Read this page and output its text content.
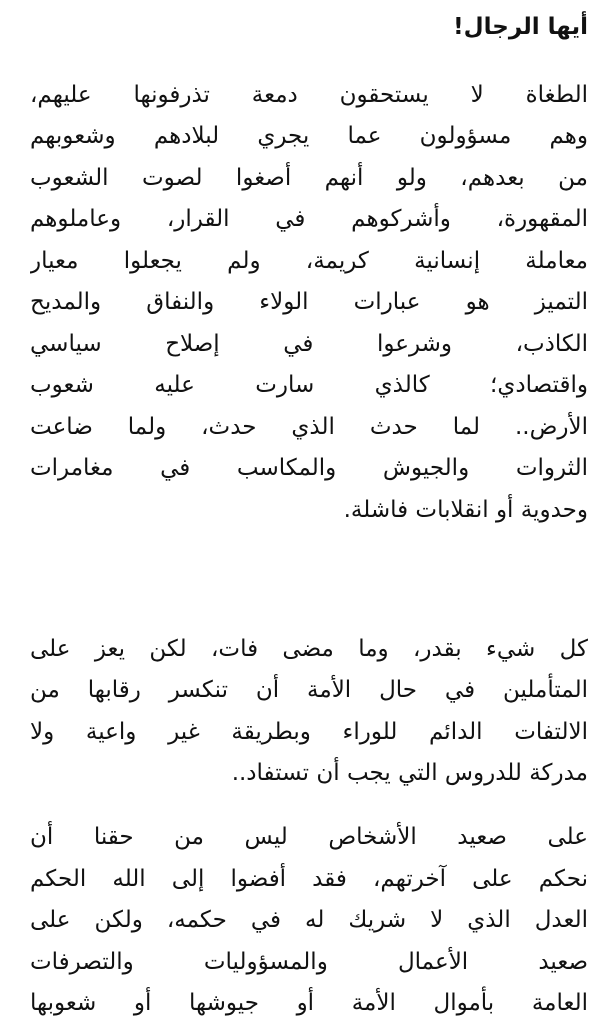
أيها الرجال!
الطغاة لا يستحقون دمعة تذرفونها عليهم،
وهم مسؤولون عما يجري لبلادهم وشعوبهم
من بعدهم، ولو أنهم أصغوا لصوت الشعوب
المقهورة، وأشركوهم في القرار، وعاملوهم
معاملة إنسانية كريمة، ولم يجعلوا معيار
التميز هو عبارات الولاء والنفاق والمديح
الكاذب، وشرعوا في إصلاح سياسي
واقتصادي؛ كالذي سارت عليه شعوب
الأرض.. لما حدث الذي حدث، ولما ضاعت
الثروات والجيوش والمكاسب في مغامرات
وحدوية أو انقلابات فاشلة.
كل شيء بقدر، وما مضى فات، لكن يعز على
المتأملين في حال الأمة أن تنكسر رقابها من
الالتفات الدائم للوراء وبطريقة غير واعية ولا
مدركة للدروس التي يجب أن تستفاد..
على صعيد الأشخاص ليس من حقنا أن
نحكم على آخرتهم، فقد أفضوا إلى الله الحكم
العدل الذي لا شريك له في حكمه، ولكن على
صعيد الأعمال والمسؤوليات والتصرفات
العامة بأموال الأمة أو جيوشها أو شعوبها
